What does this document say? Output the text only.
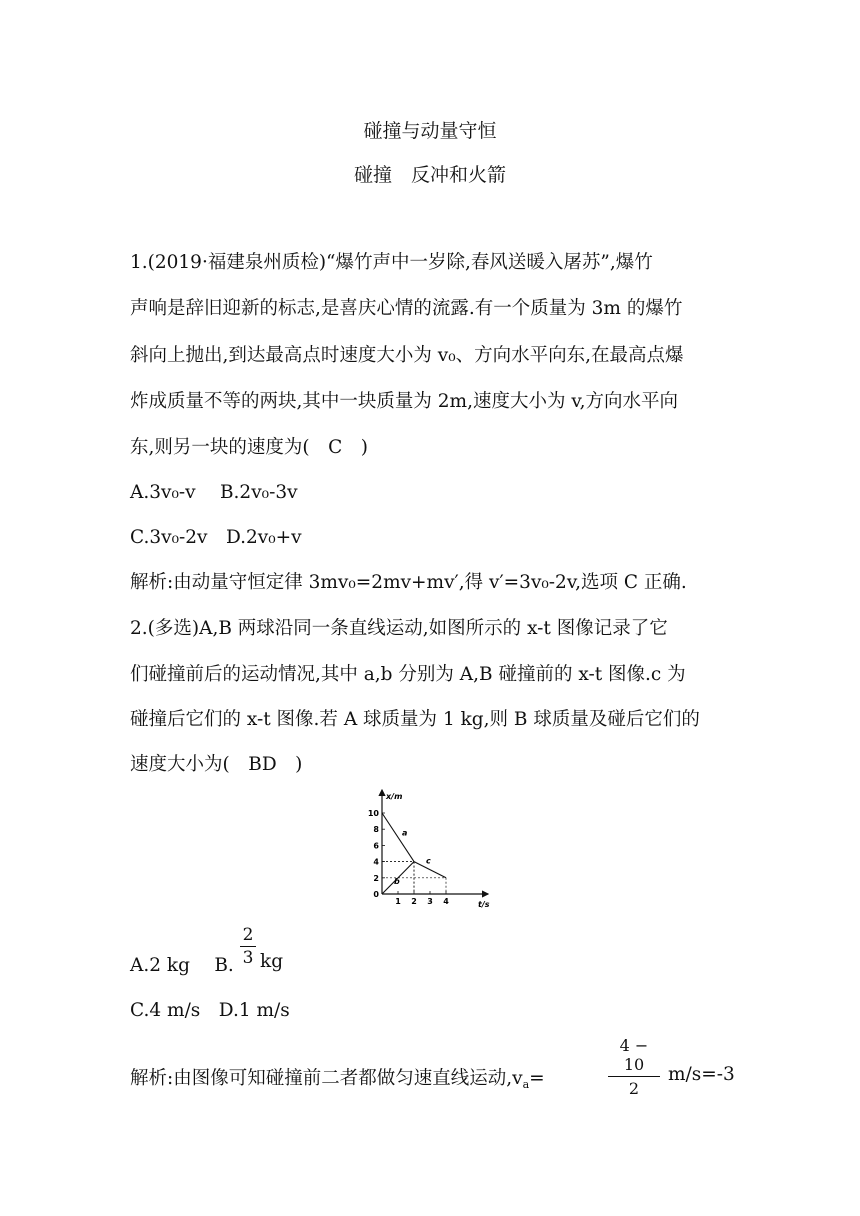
碰撞与动量守恒
碰撞　反冲和火箭
1.(2019·福建泉州质检)“爆竹声中一岁除,春风送暖入屠苏”,爆竹
声响是辞旧迎新的标志,是喜庆心情的流露.有一个质量为 3m 的爆竹
斜向上抛出,到达最高点时速度大小为 v₀、方向水平向东,在最高点爆
炸成质量不等的两块,其中一块质量为 2m,速度大小为 v,方向水平向
东,则另一块的速度为(　C　)
A.3v₀-v　 B.2v₀-3v
C.3v₀-2v　D.2v₀+v
解析:由动量守恒定律 3mv₀=2mv+mv′,得 v′=3v₀-2v,选项 C 正确.
2.(多选)A,B 两球沿同一条直线运动,如图所示的 x-t 图像记录了它
们碰撞前后的运动情况,其中 a,b 分别为 A,B 碰撞前的 x-t 图像.c 为
碰撞后它们的 x-t 图像.若 A 球质量为 1 kg,则 B 球质量及碰后它们的
速度大小为(　BD　)
a
b
c
0
2
4
6
8
10
1 2 3 4
x/m
t/s
A.2 kg　 B.
2
3 kg
C.4 m/s　D.1 m/s
解析:由图像可知碰撞前二者都做匀速直线运动$,v_a=$
4 − 10
2
m/s=-3
